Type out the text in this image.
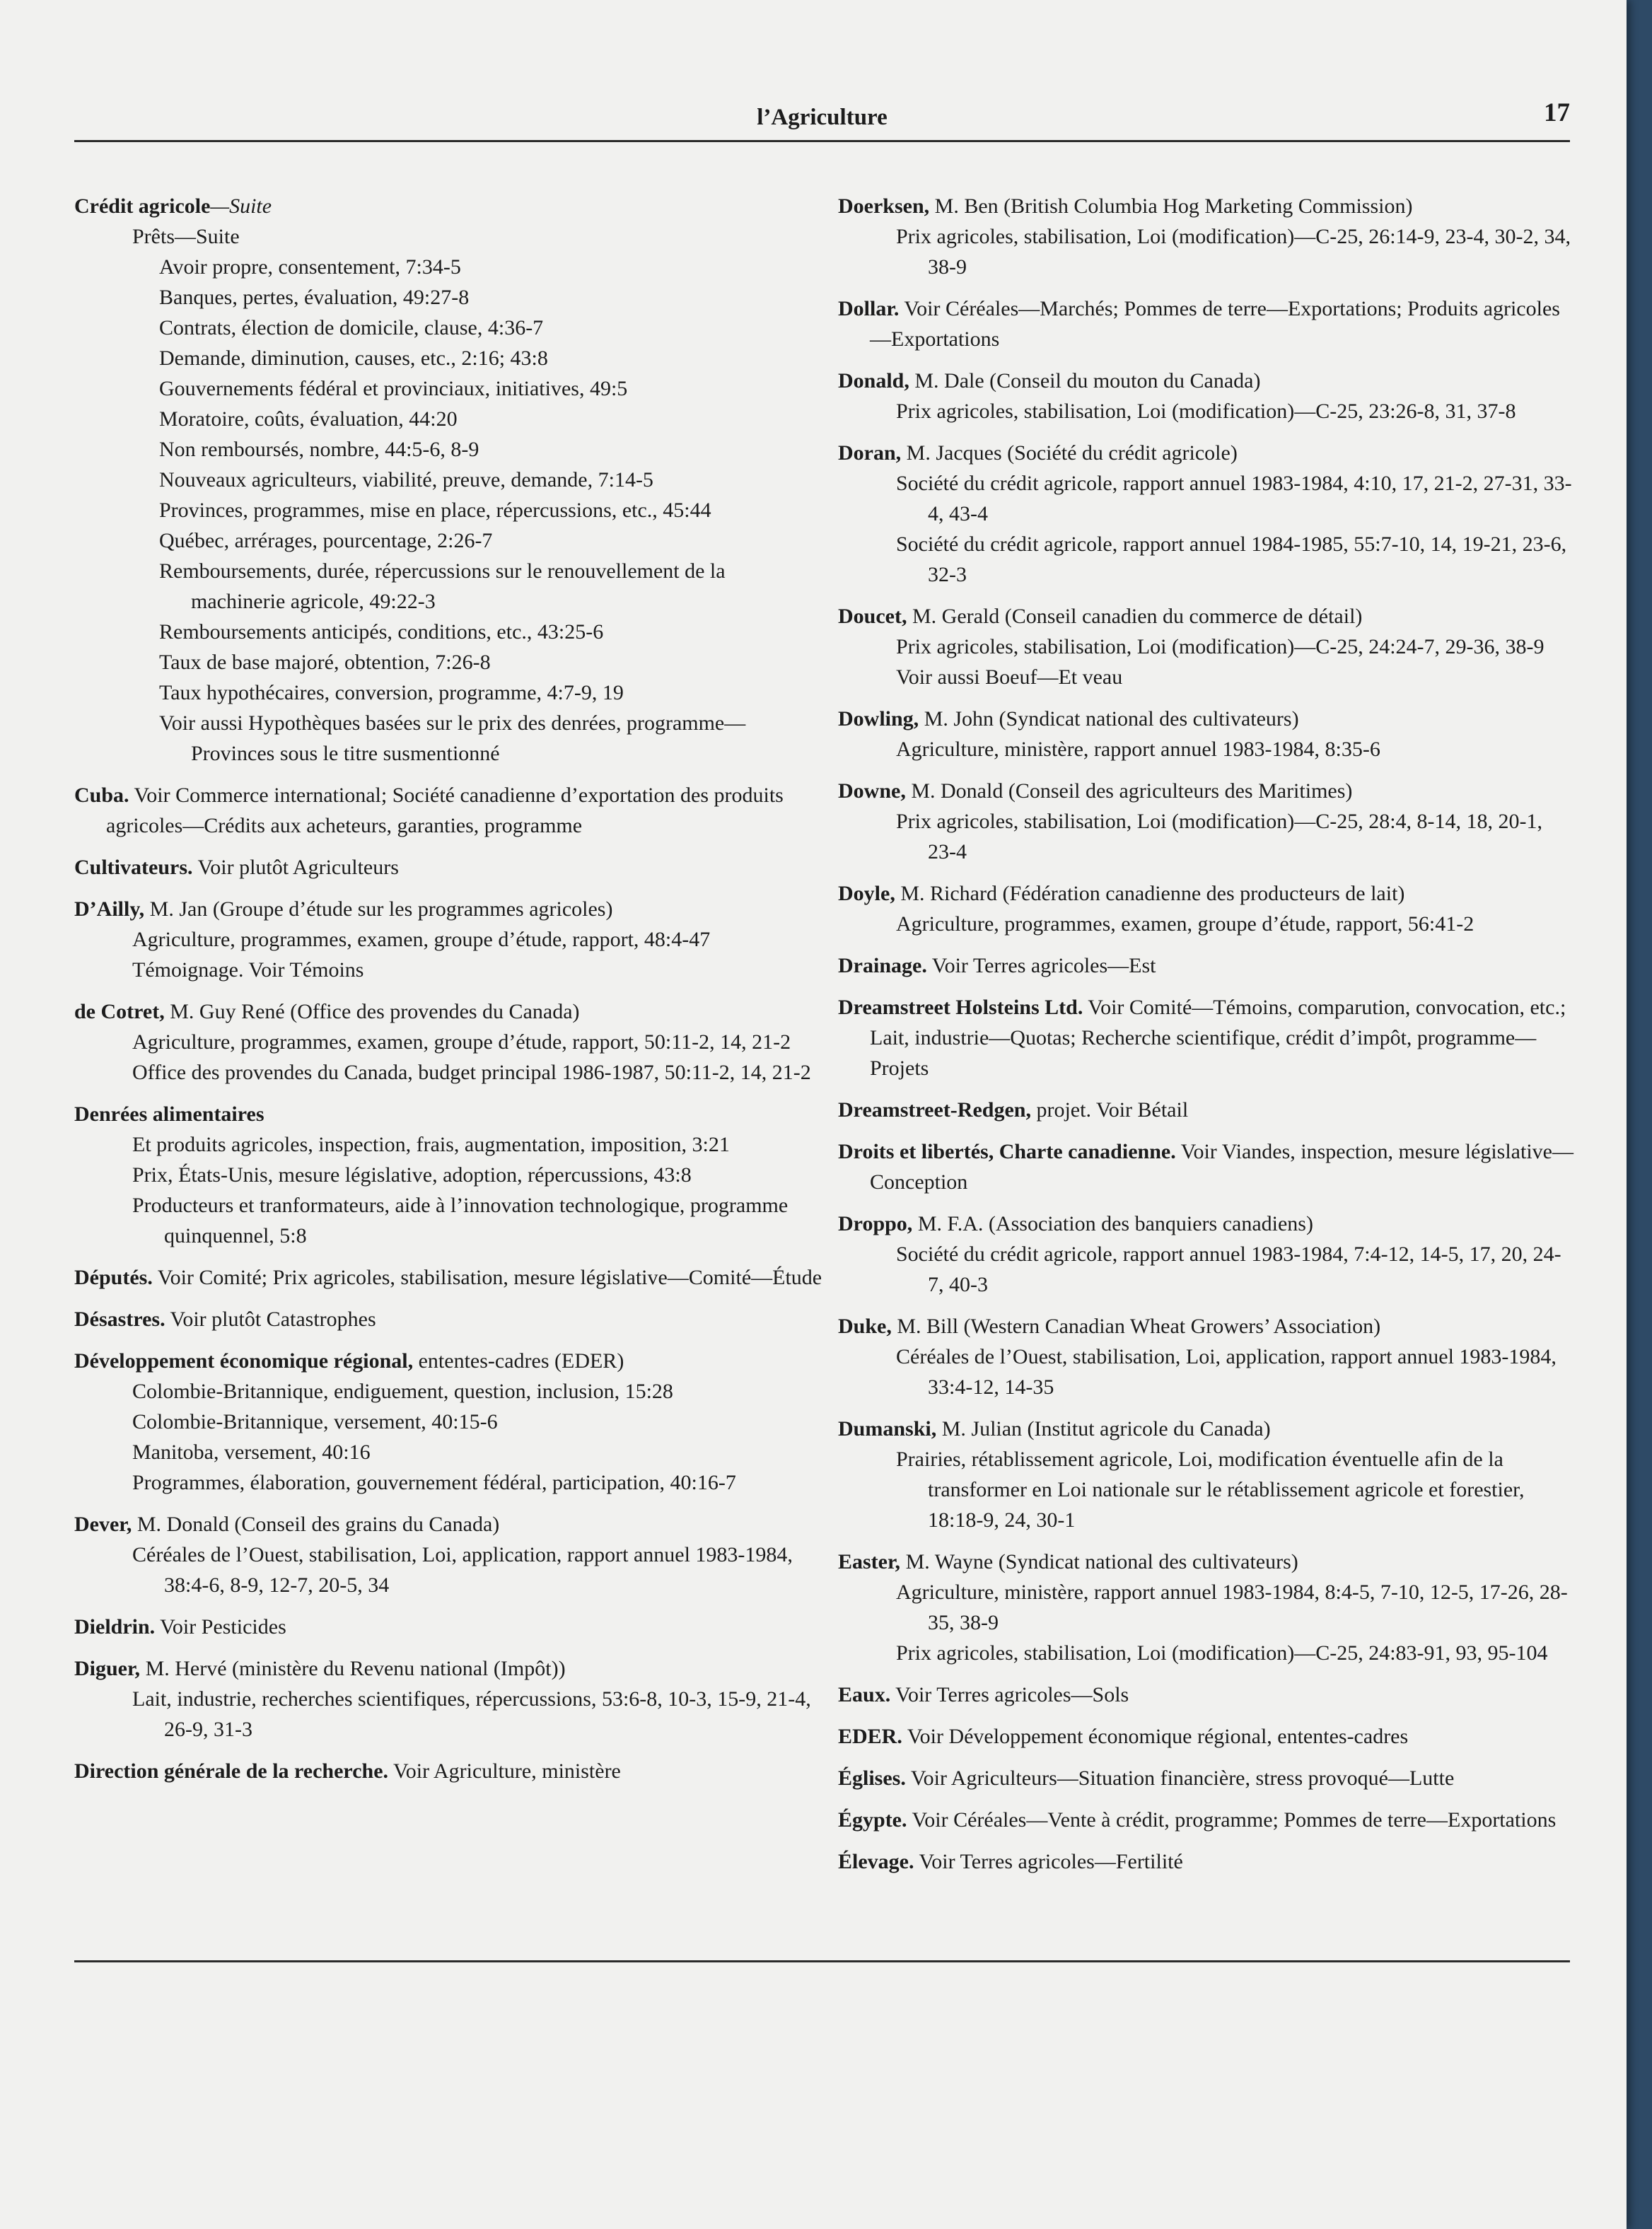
l’Agriculture	17
Crédit agricole—Suite
Prêts—Suite
Avoir propre, consentement, 7:34-5
Banques, pertes, évaluation, 49:27-8
Contrats, élection de domicile, clause, 4:36-7
Demande, diminution, causes, etc., 2:16; 43:8
Gouvernements fédéral et provinciaux, initiatives, 49:5
Moratoire, coûts, évaluation, 44:20
Non remboursés, nombre, 44:5-6, 8-9
Nouveaux agriculteurs, viabilité, preuve, demande, 7:14-5
Provinces, programmes, mise en place, répercussions, etc., 45:44
Québec, arrérages, pourcentage, 2:26-7
Remboursements, durée, répercussions sur le renouvellement de la machinerie agricole, 49:22-3
Remboursements anticipés, conditions, etc., 43:25-6
Taux de base majoré, obtention, 7:26-8
Taux hypothécaires, conversion, programme, 4:7-9, 19
Voir aussi Hypothèques basées sur le prix des denrées, programme—Provinces sous le titre susmentionné
Cuba. Voir Commerce international; Société canadienne d’exportation des produits agricoles—Crédits aux acheteurs, garanties, programme
Cultivateurs. Voir plutôt Agriculteurs
D’Ailly, M. Jan (Groupe d’étude sur les programmes agricoles)
Agriculture, programmes, examen, groupe d’étude, rapport, 48:4-47
Témoignage. Voir Témoins
de Cotret, M. Guy René (Office des provendes du Canada)
Agriculture, programmes, examen, groupe d’étude, rapport, 50:11-2, 14, 21-2
Office des provendes du Canada, budget principal 1986-1987, 50:11-2, 14, 21-2
Denrées alimentaires
Et produits agricoles, inspection, frais, augmentation, imposition, 3:21
Prix, États-Unis, mesure législative, adoption, répercussions, 43:8
Producteurs et tranformateurs, aide à l’innovation technologique, programme quinquennel, 5:8
Députés. Voir Comité; Prix agricoles, stabilisation, mesure législative—Comité—Étude
Désastres. Voir plutôt Catastrophes
Développement économique régional, ententes-cadres (EDER)
Colombie-Britannique, endiguement, question, inclusion, 15:28
Colombie-Britannique, versement, 40:15-6
Manitoba, versement, 40:16
Programmes, élaboration, gouvernement fédéral, participation, 40:16-7
Dever, M. Donald (Conseil des grains du Canada)
Céréales de l’Ouest, stabilisation, Loi, application, rapport annuel 1983-1984, 38:4-6, 8-9, 12-7, 20-5, 34
Dieldrin. Voir Pesticides
Diguer, M. Hervé (ministère du Revenu national (Impôt))
Lait, industrie, recherches scientifiques, répercussions, 53:6-8, 10-3, 15-9, 21-4, 26-9, 31-3
Direction générale de la recherche. Voir Agriculture, ministère
Doerksen, M. Ben (British Columbia Hog Marketing Commission)
Prix agricoles, stabilisation, Loi (modification)—C-25, 26:14-9, 23-4, 30-2, 34, 38-9
Dollar. Voir Céréales—Marchés; Pommes de terre—Exportations; Produits agricoles—Exportations
Donald, M. Dale (Conseil du mouton du Canada)
Prix agricoles, stabilisation, Loi (modification)—C-25, 23:26-8, 31, 37-8
Doran, M. Jacques (Société du crédit agricole)
Société du crédit agricole, rapport annuel 1983-1984, 4:10, 17, 21-2, 27-31, 33-4, 43-4
Société du crédit agricole, rapport annuel 1984-1985, 55:7-10, 14, 19-21, 23-6, 32-3
Doucet, M. Gerald (Conseil canadien du commerce de détail)
Prix agricoles, stabilisation, Loi (modification)—C-25, 24:24-7, 29-36, 38-9
Voir aussi Boeuf—Et veau
Dowling, M. John (Syndicat national des cultivateurs)
Agriculture, ministère, rapport annuel 1983-1984, 8:35-6
Downe, M. Donald (Conseil des agriculteurs des Maritimes)
Prix agricoles, stabilisation, Loi (modification)—C-25, 28:4, 8-14, 18, 20-1, 23-4
Doyle, M. Richard (Fédération canadienne des producteurs de lait)
Agriculture, programmes, examen, groupe d’étude, rapport, 56:41-2
Drainage. Voir Terres agricoles—Est
Dreamstreet Holsteins Ltd. Voir Comité—Témoins, comparution, convocation, etc.; Lait, industrie—Quotas; Recherche scientifique, crédit d’impôt, programme—Projets
Dreamstreet-Redgen, projet. Voir Bétail
Droits et libertés, Charte canadienne. Voir Viandes, inspection, mesure législative—Conception
Droppo, M. F.A. (Association des banquiers canadiens)
Société du crédit agricole, rapport annuel 1983-1984, 7:4-12, 14-5, 17, 20, 24-7, 40-3
Duke, M. Bill (Western Canadian Wheat Growers’ Association)
Céréales de l’Ouest, stabilisation, Loi, application, rapport annuel 1983-1984, 33:4-12, 14-35
Dumanski, M. Julian (Institut agricole du Canada)
Prairies, rétablissement agricole, Loi, modification éventuelle afin de la transformer en Loi nationale sur le rétablissement agricole et forestier, 18:18-9, 24, 30-1
Easter, M. Wayne (Syndicat national des cultivateurs)
Agriculture, ministère, rapport annuel 1983-1984, 8:4-5, 7-10, 12-5, 17-26, 28-35, 38-9
Prix agricoles, stabilisation, Loi (modification)—C-25, 24:83-91, 93, 95-104
Eaux. Voir Terres agricoles—Sols
EDER. Voir Développement économique régional, ententes-cadres
Églises. Voir Agriculteurs—Situation financière, stress provoqué—Lutte
Égypte. Voir Céréales—Vente à crédit, programme; Pommes de terre—Exportations
Élevage. Voir Terres agricoles—Fertilité
